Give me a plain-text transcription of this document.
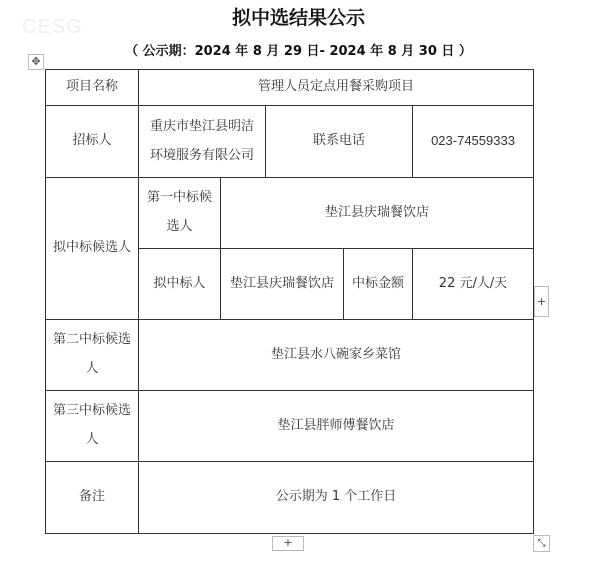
CESG	拟中选结果公示
（ 公示期：2024 年 8 月 29 日- 2024 年 8 月 30 日 ）
✥
项目名称	管理人员定点用餐采购项目				
招标人	重庆市垫江县明洁环境服务有限公司		联系电话		023-74559333
拟中标候选人	第一中标候选人	垫江县庆瑞餐饮店			
	拟中标人	垫江县庆瑞餐饮店		中标金额	22 元/人/天
第二中标候选人	垫江县水八碗家乡菜馆				
第三中标候选人	垫江县胖师傅餐饮店				
备注	公示期为 1 个工作日				
+
+	⤡
